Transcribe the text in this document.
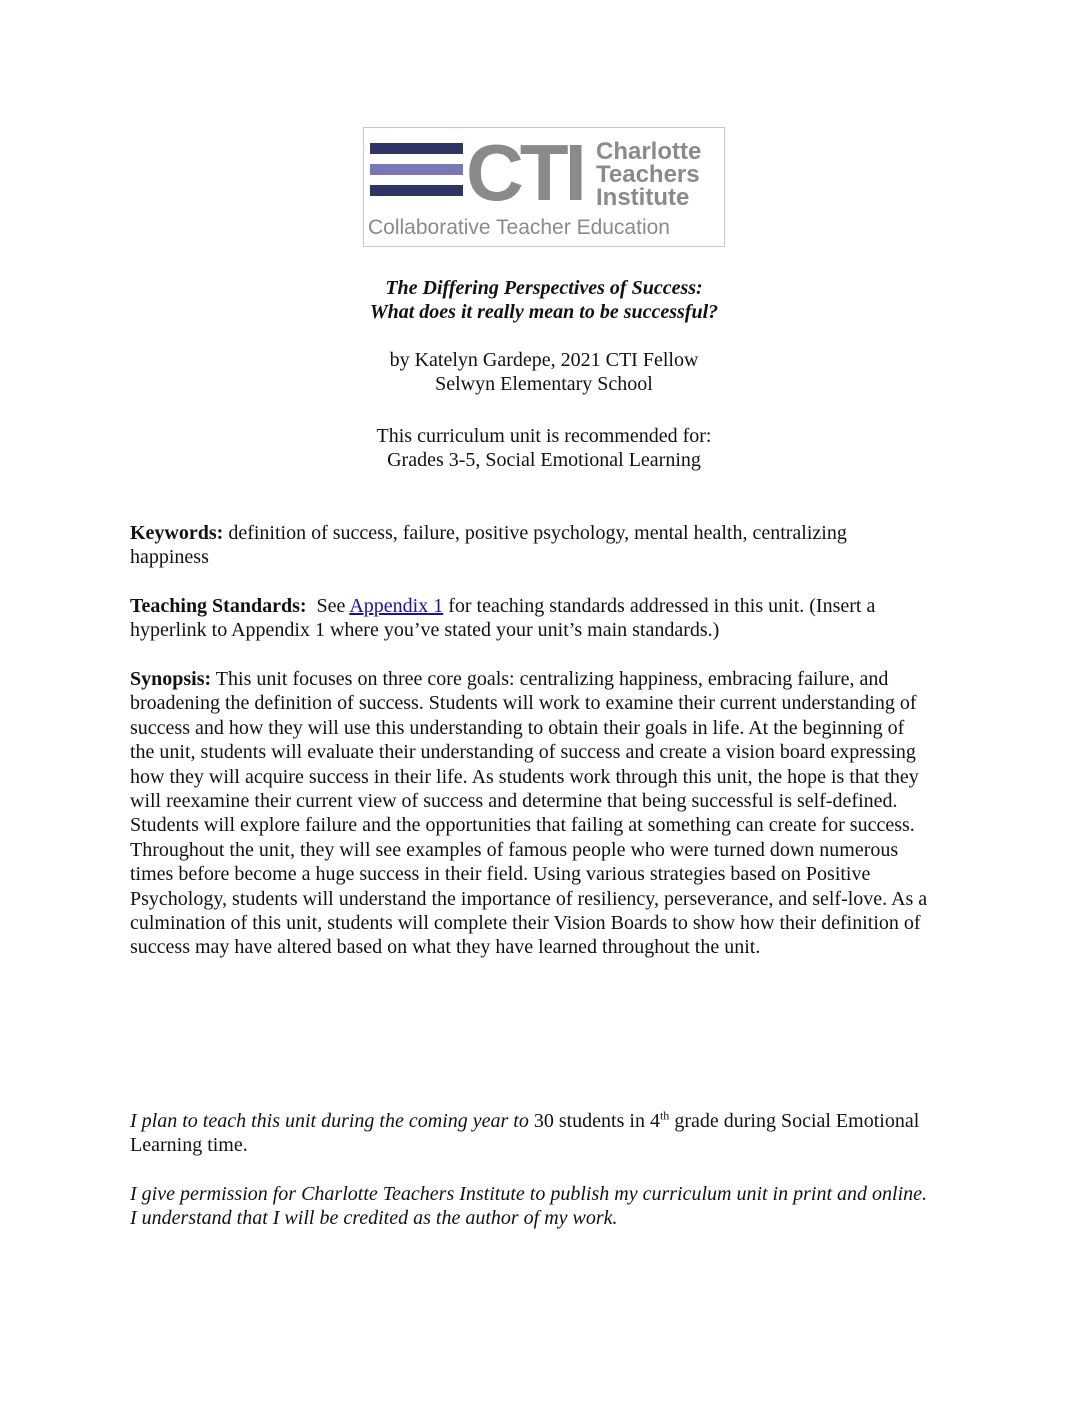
CTI Charlotte
Teachers
Institute
Collaborative Teacher Education
The Differing Perspectives of Success:
What does it really mean to be successful?
by Katelyn Gardepe, 2021 CTI Fellow
Selwyn Elementary School
This curriculum unit is recommended for:
Grades 3-5, Social Emotional Learning
Keywords: definition of success, failure, positive psychology, mental health, centralizing happiness
Teaching Standards:  See Appendix 1 for teaching standards addressed in this unit. (Insert a hyperlink to Appendix 1 where you’ve stated your unit’s main standards.)
Synopsis: This unit focuses on three core goals: centralizing happiness, embracing failure, and broadening the definition of success. Students will work to examine their current understanding of success and how they will use this understanding to obtain their goals in life. At the beginning of the unit, students will evaluate their understanding of success and create a vision board expressing how they will acquire success in their life. As students work through this unit, the hope is that they will reexamine their current view of success and determine that being successful is self-defined. Students will explore failure and the opportunities that failing at something can create for success. Throughout the unit, they will see examples of famous people who were turned down numerous times before become a huge success in their field. Using various strategies based on Positive Psychology, students will understand the importance of resiliency, perseverance, and self-love. As a culmination of this unit, students will complete their Vision Boards to show how their definition of success may have altered based on what they have learned throughout the unit.
I plan to teach this unit during the coming year to 30 students in 4th grade during Social Emotional Learning time.
I give permission for Charlotte Teachers Institute to publish my curriculum unit in print and online. I understand that I will be credited as the author of my work.
